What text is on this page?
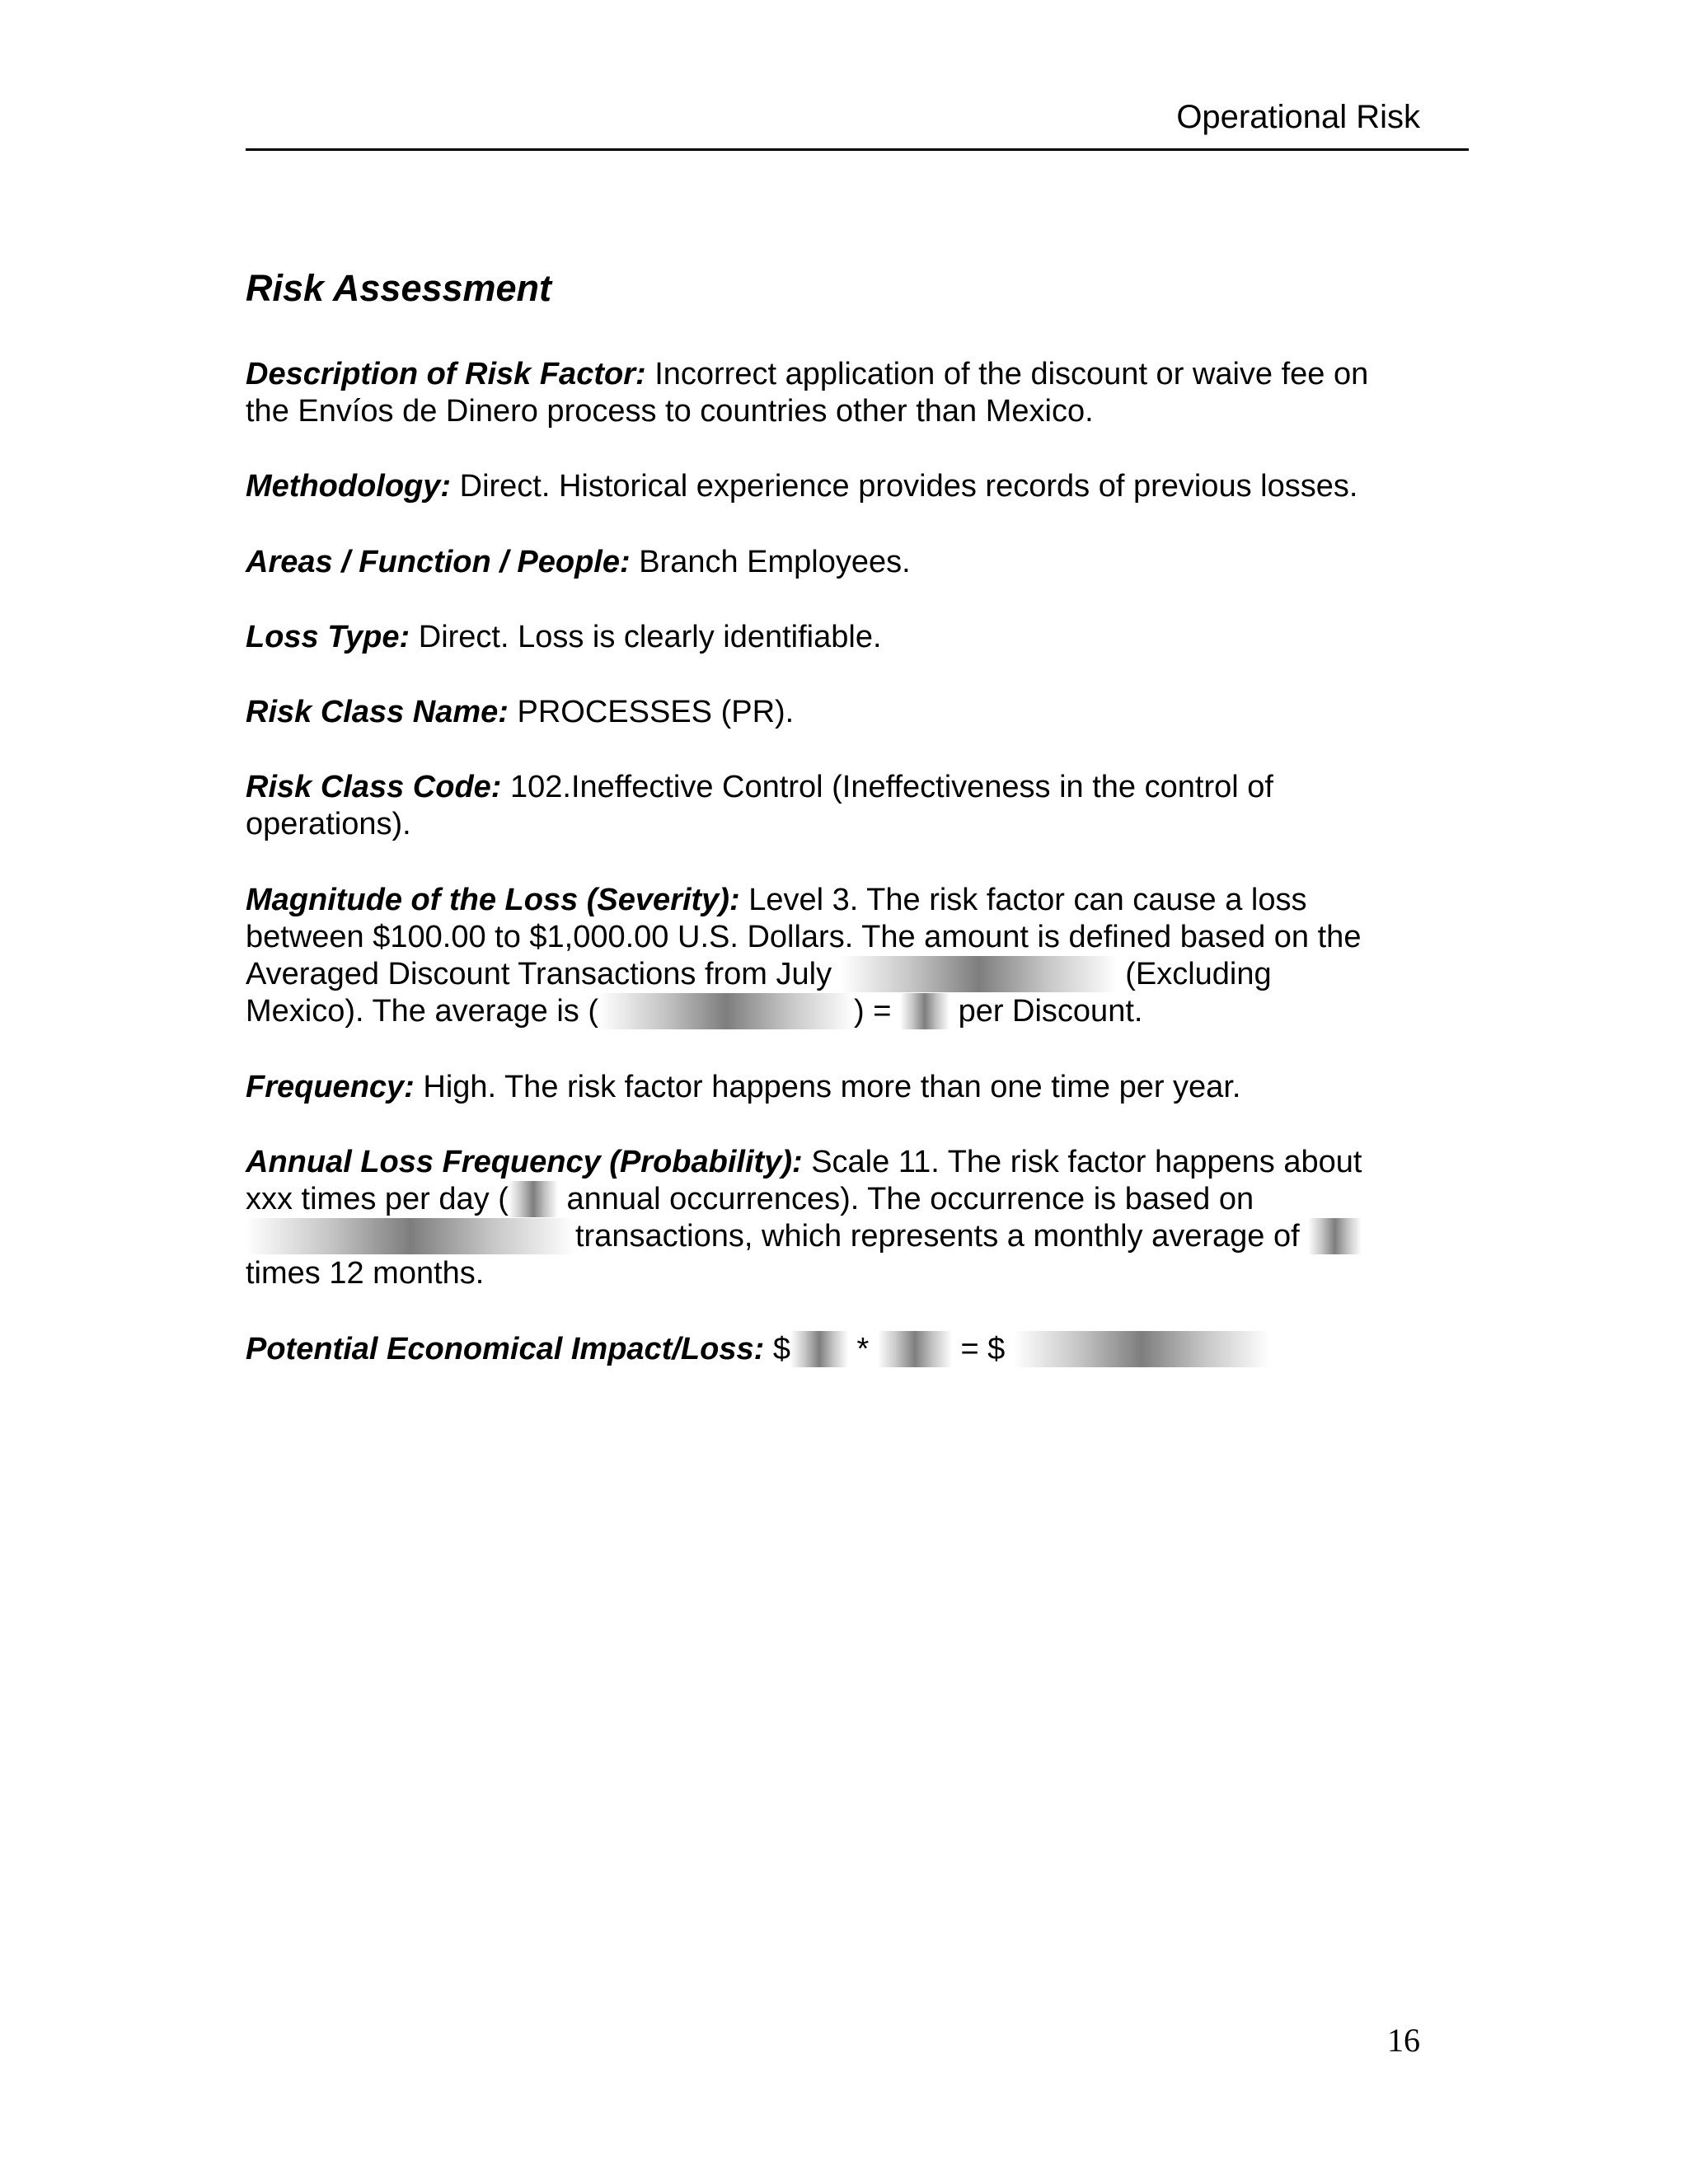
Operational Risk
Risk Assessment

Description of Risk Factor: Incorrect application of the discount or waive fee on
the Envíos de Dinero process to countries other than Mexico.

Methodology: Direct. Historical experience provides records of previous losses.

Areas / Function / People: Branch Employees.

Loss Type: Direct. Loss is clearly identifiable.

Risk Class Name: PROCESSES (PR).

Risk Class Code: 102.Ineffective Control (Ineffectiveness in the control of
operations).

Magnitude of the Loss (Severity): Level 3. The risk factor can cause a loss
between $100.00 to $1,000.00 U.S. Dollars. The amount is defined based on the
Averaged Discount Transactions from July	(Excluding
Mexico). The average is (	) = per Discount.

Frequency: High. The risk factor happens more than one time per year.

Annual Loss Frequency (Probability): Scale 11. The risk factor happens about
xxx times per day ( annual occurrences). The occurrence is based on
transactions, which represents a monthly average of
times 12 months.

Potential Economical Impact/Loss: $ *	= $

16
